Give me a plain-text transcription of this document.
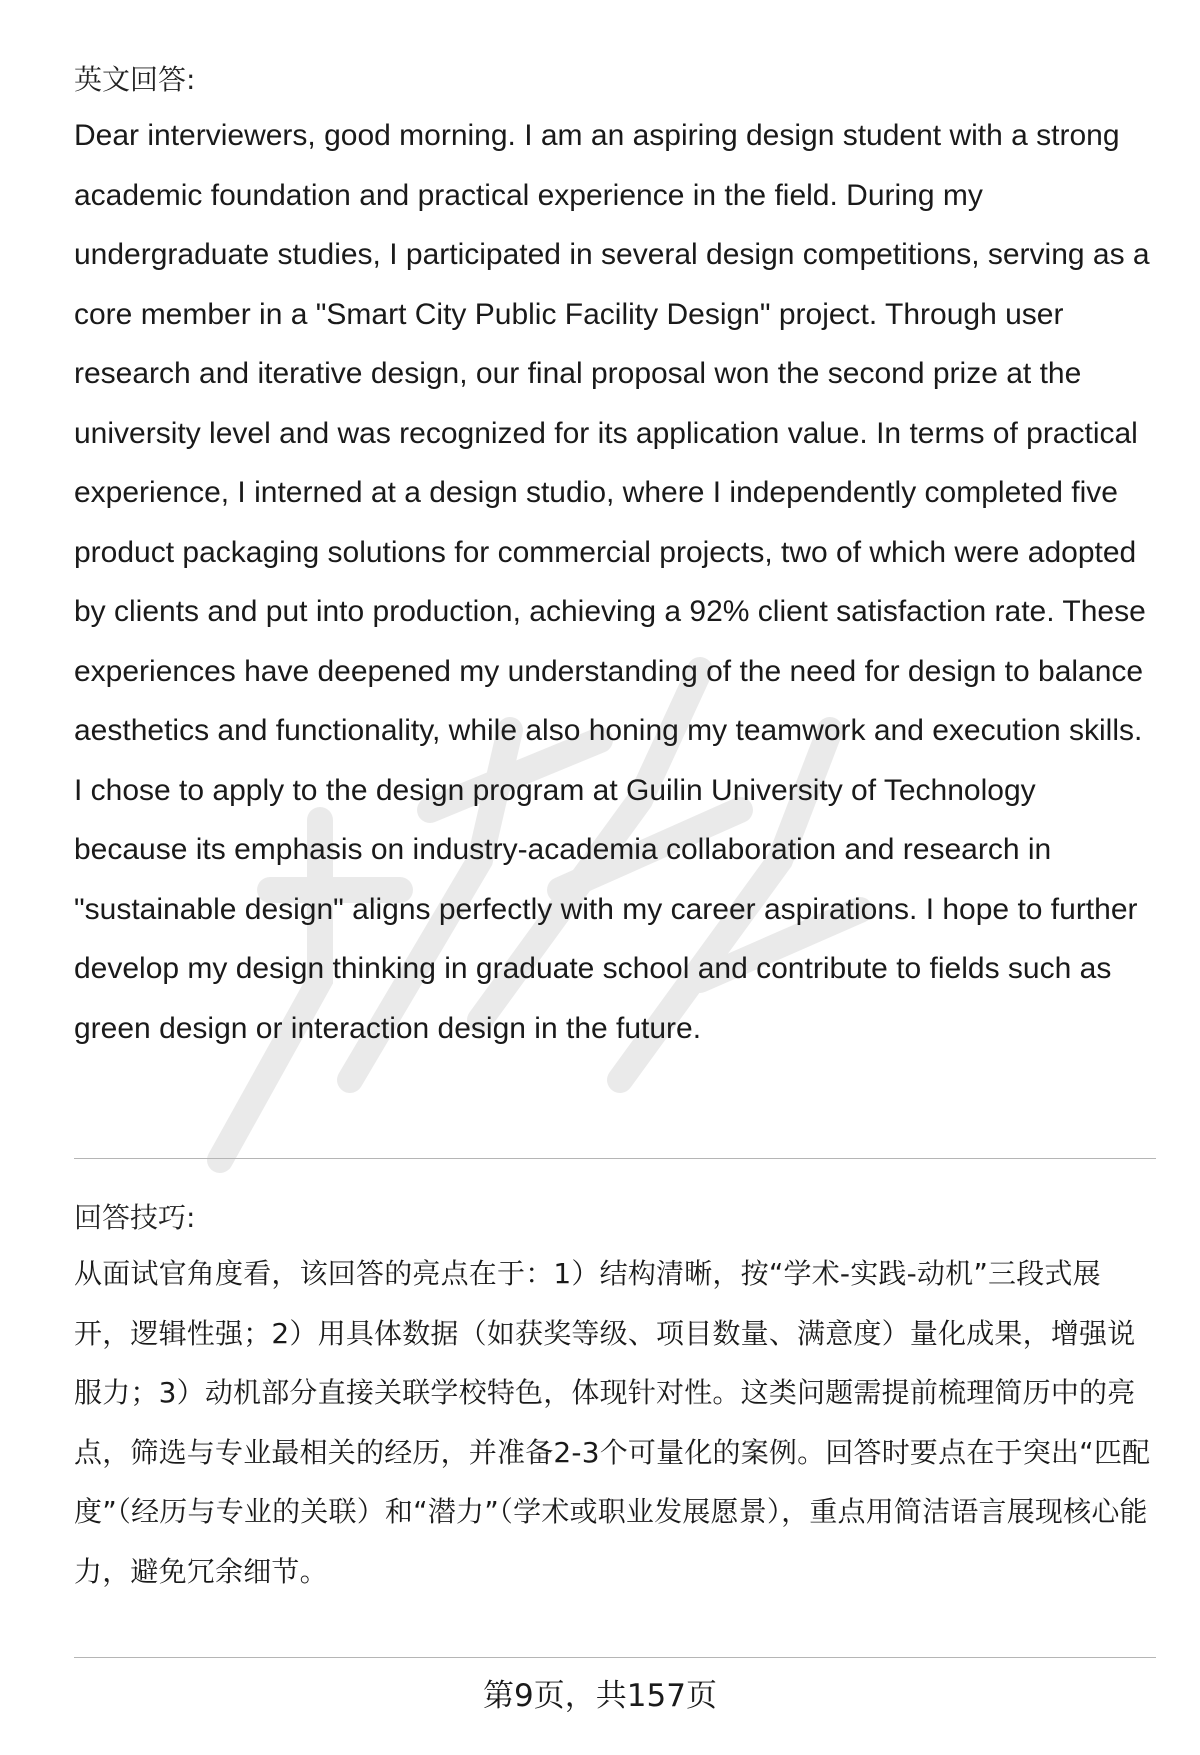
英文回答:

Dear interviewers, good morning. I am an aspiring design student with a strong academic foundation and practical experience in the field. During my undergraduate studies, I participated in several design competitions, serving as a core member in a "Smart City Public Facility Design" project. Through user research and iterative design, our final proposal won the second prize at the university level and was recognized for its application value. In terms of practical experience, I interned at a design studio, where I independently completed five product packaging solutions for commercial projects, two of which were adopted by clients and put into production, achieving a 92% client satisfaction rate. These experiences have deepened my understanding of the need for design to balance aesthetics and functionality, while also honing my teamwork and execution skills. I chose to apply to the design program at Guilin University of Technology because its emphasis on industry-academia collaboration and research in "sustainable design" aligns perfectly with my career aspirations. I hope to further develop my design thinking in graduate school and contribute to fields such as green design or interaction design in the future.

回答技巧:

从面试官角度看，该回答的亮点在于：1）结构清晰，按“学术-实践-动机”三段式展开，逻辑性强；2）用具体数据（如获奖等级、项目数量、满意度）量化成果，增强说服力；3）动机部分直接关联学校特色，体现针对性。这类问题需提前梳理简历中的亮点，筛选与专业最相关的经历，并准备2-3个可量化的案例。回答时要点在于突出“匹配度”（经历与专业的关联）和“潜力”（学术或职业发展愿景），重点用简洁语言展现核心能力，避免冗余细节。

第9页，共157页
